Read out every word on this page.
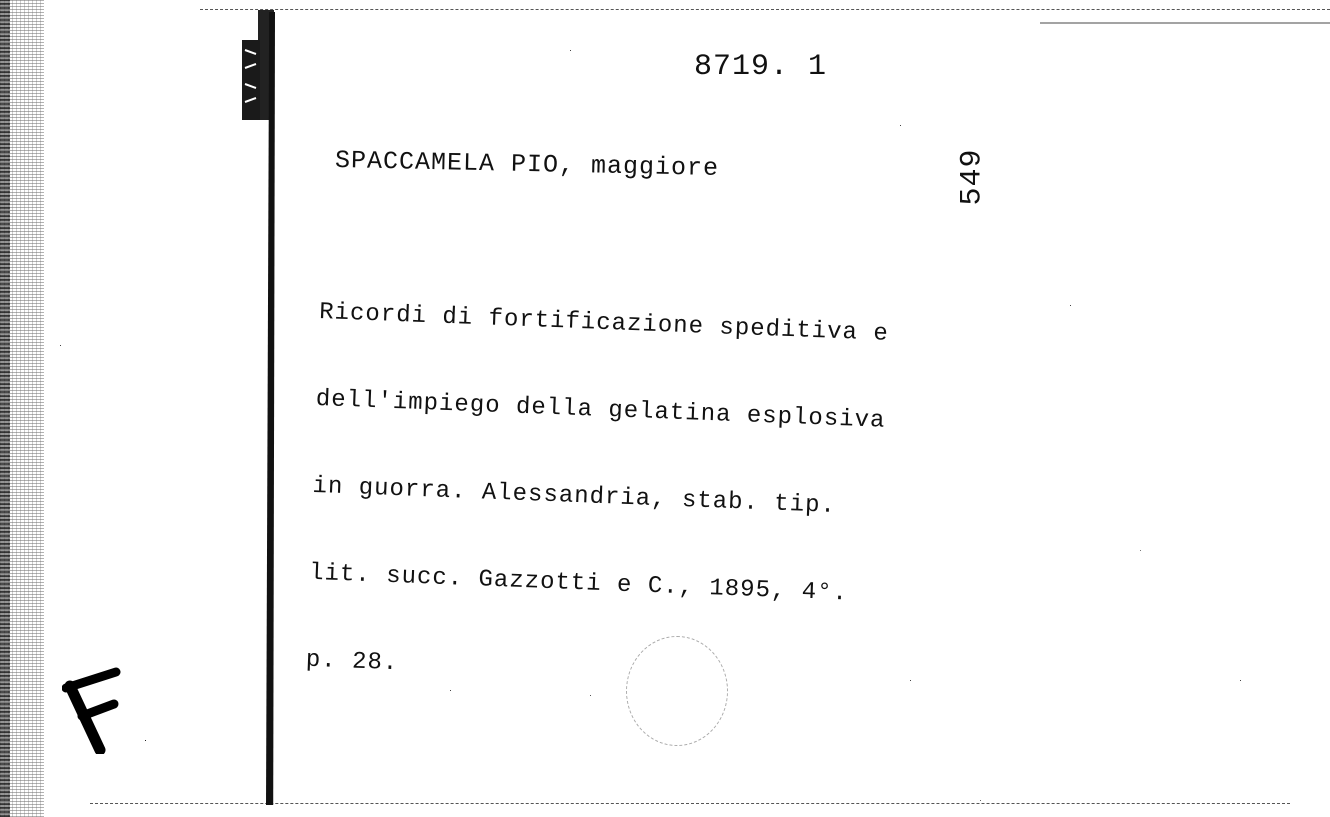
8719. 1
549
SPACCAMELA PIO, maggiore

Ricordi di fortificazione speditiva e

dell'impiego della gelatina esplosiva

in guorra. Alessandria, stab. tip.

lit. succ. Gazzotti e C., 1895, 4°.

p. 28.
